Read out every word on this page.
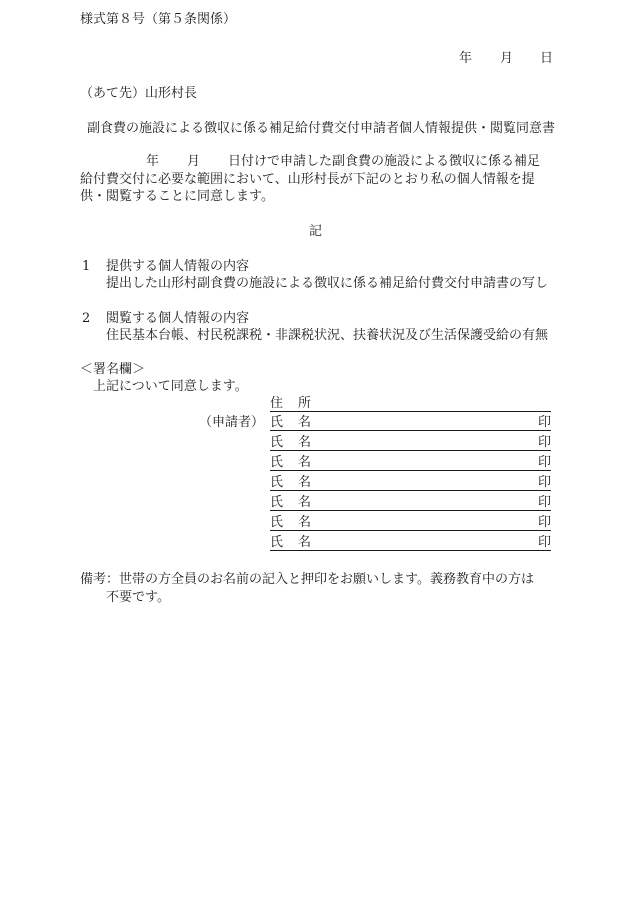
様式第８号（第５条関係）
年 月 日
（あて先）山形村長
副食費の施設による徴収に係る補足給付費交付申請者個人情報提供・閲覧同意書
年 月 日付けで申請した副食費の施設による徴収に係る補足
給付費交付に必要な範囲において、山形村長が下記のとおり私の個人情報を提
供・閲覧することに同意します。
記
1 提供する個人情報の内容
提出した山形村副食費の施設による徴収に係る補足給付費交付申請書の写し
2 閲覧する個人情報の内容
住民基本台帳、村民税課税・非課税状況、扶養状況及び生活保護受給の有無
＜署名欄＞
上記について同意します。
住 所
（申請者） 氏 名	印
氏 名	印
氏 名	印
氏 名	印
氏 名	印
氏 名	印
氏 名	印
備考：世帯の方全員のお名前の記入と押印をお願いします。義務教育中の方は
不要です。
